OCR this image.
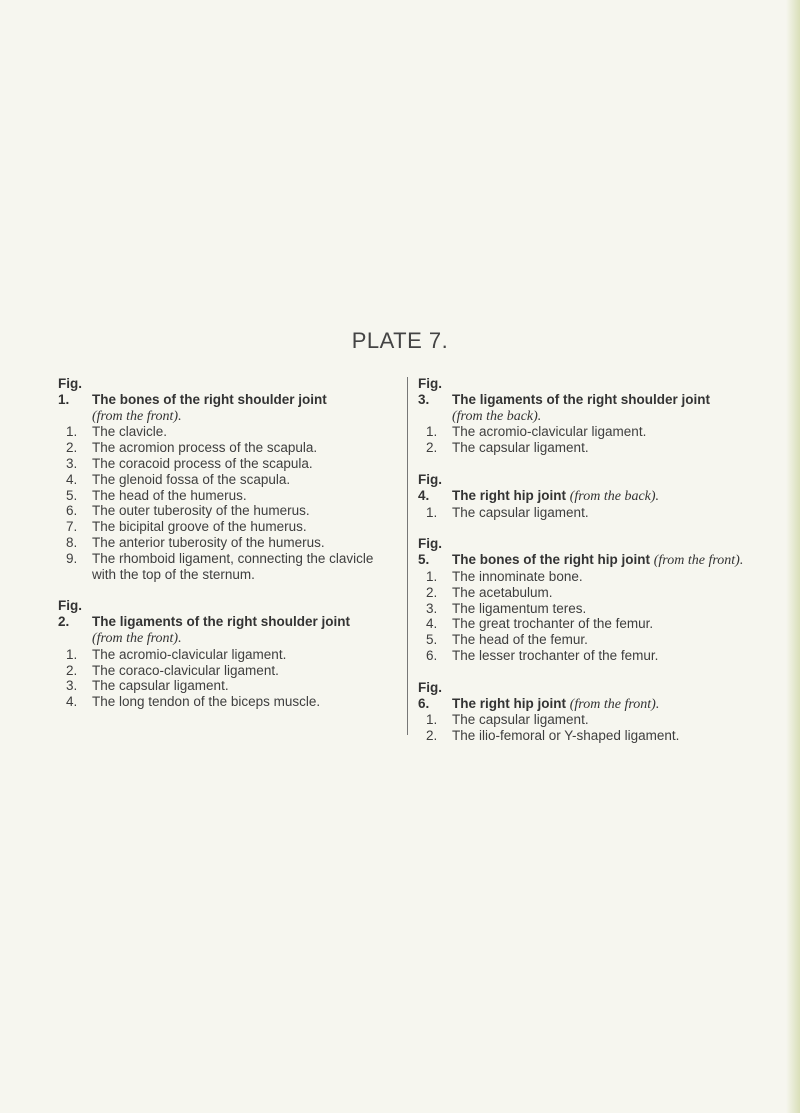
PLATE 7.
Fig. 1. The bones of the right shoulder joint
(from the front).
1.	The clavicle.
2.	The acromion process of the scapula.
3.	The coracoid process of the scapula.
4.	The glenoid fossa of the scapula.
5.	The head of the humerus.
6.	The outer tuberosity of the humerus.
7.	The bicipital groove of the humerus.
8.	The anterior tuberosity of the humerus.
9.	The rhomboid ligament, connecting the clavicle with the top of the sternum.
Fig. 2. The ligaments of the right shoulder joint
(from the front).
1.	The acromio-clavicular ligament.
2.	The coraco-clavicular ligament.
3.	The capsular ligament.
4.	The long tendon of the biceps muscle.
Fig. 3. The ligaments of the right shoulder joint
(from the back).
1.	The acromio-clavicular ligament.
2.	The capsular ligament.
Fig. 4. The right hip joint (from the back).
1.	The capsular ligament.
Fig. 5. The bones of the right hip joint (from the front).
1.	The innominate bone.
2.	The acetabulum.
3.	The ligamentum teres.
4.	The great trochanter of the femur.
5.	The head of the femur.
6.	The lesser trochanter of the femur.
Fig. 6. The right hip joint (from the front).
1.	The capsular ligament.
2.	The ilio-femoral or Y-shaped ligament.
